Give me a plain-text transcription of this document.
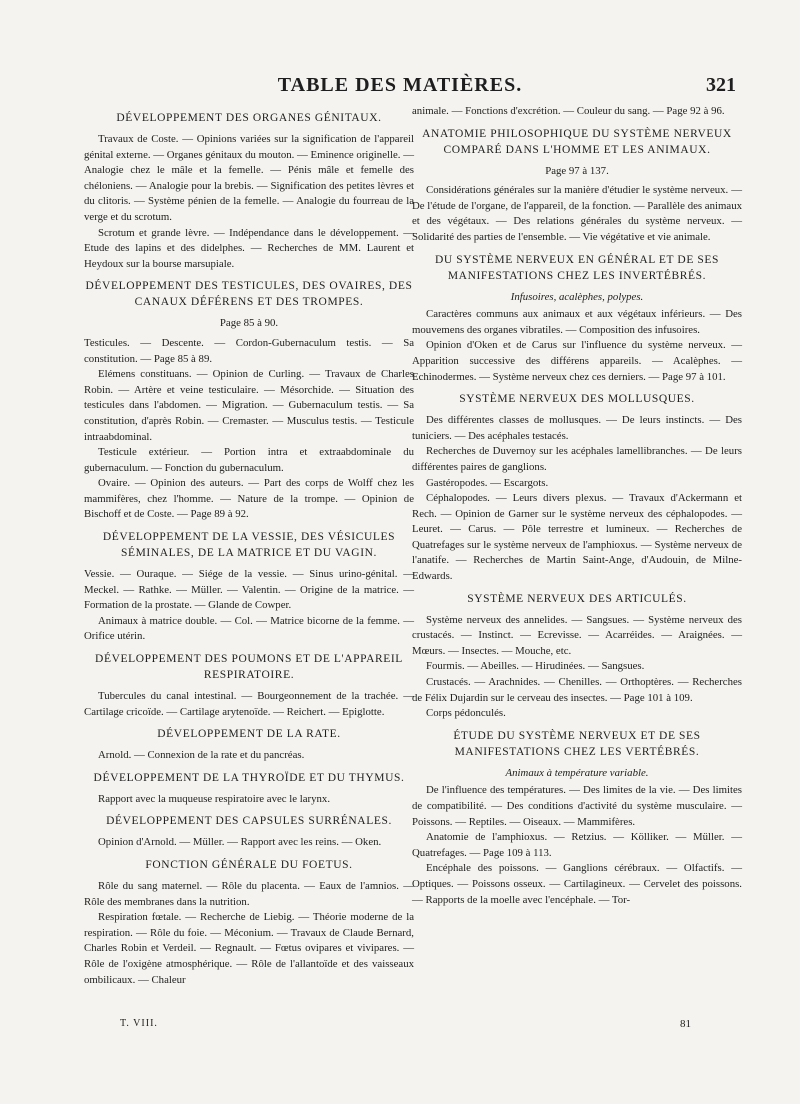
TABLE DES MATIÈRES.	321
DÉVELOPPEMENT DES ORGANES GÉNITAUX.

Travaux de Coste. — Opinions variées sur la signification de l'appareil génital externe. — Organes génitaux du mouton. — Eminence originelle. — Analogie chez le mâle et la femelle. — Pénis mâle et femelle des chéloniens. — Analogie pour la brebis. — Signification des petites lèvres et du clitoris. — Système pénien de la femelle. — Analogie du fourreau de la verge et du scrotum.

Scrotum et grande lèvre. — Indépendance dans le développement. — Etude des lapins et des didelphes. — Recherches de MM. Laurent et Heydoux sur la bourse marsupiale.

DÉVELOPPEMENT DES TESTICULES, DES OVAIRES, DES CANAUX DÉFÉRENS ET DES TROMPES.

Page 85 à 90.

Testicules. — Descente. — Cordon-Gubernaculum testis. — Sa constitution. — Page 85 à 89.

Elémens constituans. — Opinion de Curling. — Travaux de Charles Robin. — Artère et veine testiculaire. — Mésorchide. — Situation des testicules dans l'abdomen. — Migration. — Gubernaculum testis. — Sa constitution, d'après Robin. — Cremaster. — Musculus testis. — Testicule intraabdominal.

Testicule extérieur. — Portion intra et extraabdominale du gubernaculum. — Fonction du gubernaculum.

Ovaire. — Opinion des auteurs. — Part des corps de Wolff chez les mammifères, chez l'homme. — Nature de la trompe. — Opinion de Bischoff et de Coste. — Page 89 à 92.

DÉVELOPPEMENT DE LA VESSIE, DES VÉSICULES SÉMINALES, DE LA MATRICE ET DU VAGIN.

Vessie. — Ouraque. — Siége de la vessie. — Sinus urino-génital. — Meckel. — Rathke. — Müller. — Valentin. — Origine de la matrice. — Formation de la prostate. — Glande de Cowper.

Animaux à matrice double. — Col. — Matrice bicorne de la femme. — Orifice utérin.

DÉVELOPPEMENT DES POUMONS ET DE L'APPAREIL RESPIRATOIRE.

Tubercules du canal intestinal. — Bourgeonnement de la trachée. — Cartilage cricoïde. — Cartilage arytenoïde. — Reichert. — Epiglotte.

DÉVELOPPEMENT DE LA RATE.

Arnold. — Connexion de la rate et du pancréas.

DÉVELOPPEMENT DE LA THYROÏDE ET DU THYMUS.

Rapport avec la muqueuse respiratoire avec le larynx.

DÉVELOPPEMENT DES CAPSULES SURRÉNALES.

Opinion d'Arnold. — Müller. — Rapport avec les reins. — Oken.

FONCTION GÉNÉRALE DU FOETUS.

Rôle du sang maternel. — Rôle du placenta. — Eaux de l'amnios. — Rôle des membranes dans la nutrition.

Respiration fœtale. — Recherche de Liebig. — Théorie moderne de la respiration. — Rôle du foie. — Méconium. — Travaux de Claude Bernard, Charles Robin et Verdeil. — Regnault. — Fœtus ovipares et vivipares. — Rôle de l'oxigène atmosphérique. — Rôle de l'allantoïde et des vaisseaux ombilicaux. — Chaleur

animale. — Fonctions d'excrétion. — Couleur du sang. — Page 92 à 96.

ANATOMIE PHILOSOPHIQUE DU SYSTÈME NERVEUX COMPARÉ DANS L'HOMME ET LES ANIMAUX.

Page 97 à 137.

Considérations générales sur la manière d'étudier le système nerveux. — De l'étude de l'organe, de l'appareil, de la fonction. — Parallèle des animaux et des végétaux. — Des relations générales du système nerveux. — Solidarité des parties de l'ensemble. — Vie végétative et vie animale.

DU SYSTÈME NERVEUX EN GÉNÉRAL ET DE SES MANIFESTATIONS CHEZ LES INVERTÉBRÉS.

Infusoires, acalèphes, polypes.

Caractères communs aux animaux et aux végétaux inférieurs. — Des mouvemens des organes vibratiles. — Composition des infusoires.

Opinion d'Oken et de Carus sur l'influence du système nerveux. — Apparition successive des différens appareils. — Acalèphes. — Echinodermes. — Système nerveux chez ces derniers. — Page 97 à 101.

SYSTÈME NERVEUX DES MOLLUSQUES.

Des différentes classes de mollusques. — De leurs instincts. — Des tuniciers. — Des acéphales testacés.

Recherches de Duvernoy sur les acéphales lamellibranches. — De leurs différentes paires de ganglions.

Gastéropodes. — Escargots.

Céphalopodes. — Leurs divers plexus. — Travaux d'Ackermann et Rech. — Opinion de Garner sur le système nerveux des céphalopodes. — Leuret. — Carus. — Pôle terrestre et lumineux. — Recherches de Quatrefages sur le système nerveux de l'amphioxus. — Système nerveux de l'anatife. — Recherches de Martin Saint-Ange, d'Audouin, de Milne-Edwards.

SYSTÈME NERVEUX DES ARTICULÉS.

Système nerveux des annelides. — Sangsues. — Système nerveux des crustacés. — Instinct. — Ecrevisse. — Acarréides. — Araignées. — Mœurs. — Insectes. — Mouche, etc.

Fourmis. — Abeilles. — Hirudinées. — Sangsues.

Crustacés. — Arachnides. — Chenilles. — Orthoptères. — Recherches de Félix Dujardin sur le cerveau des insectes. — Page 101 à 109.

Corps pédonculés.

ÉTUDE DU SYSTÈME NERVEUX ET DE SES MANIFESTATIONS CHEZ LES VERTÉBRÉS.

Animaux à température variable.

De l'influence des températures. — Des limites de la vie. — Des limites de compatibilité. — Des conditions d'activité du système musculaire. — Poissons. — Reptiles. — Oiseaux. — Mammifères.

Anatomie de l'amphioxus. — Retzius. — Kölliker. — Müller. — Quatrefages. — Page 109 à 113.

Encéphale des poissons. — Ganglions cérébraux. — Olfactifs. — Optiques. — Poissons osseux. — Cartilagineux. — Cervelet des poissons. — Rapports de la moelle avec l'encéphale. — Tor-

T. VIII.	81
